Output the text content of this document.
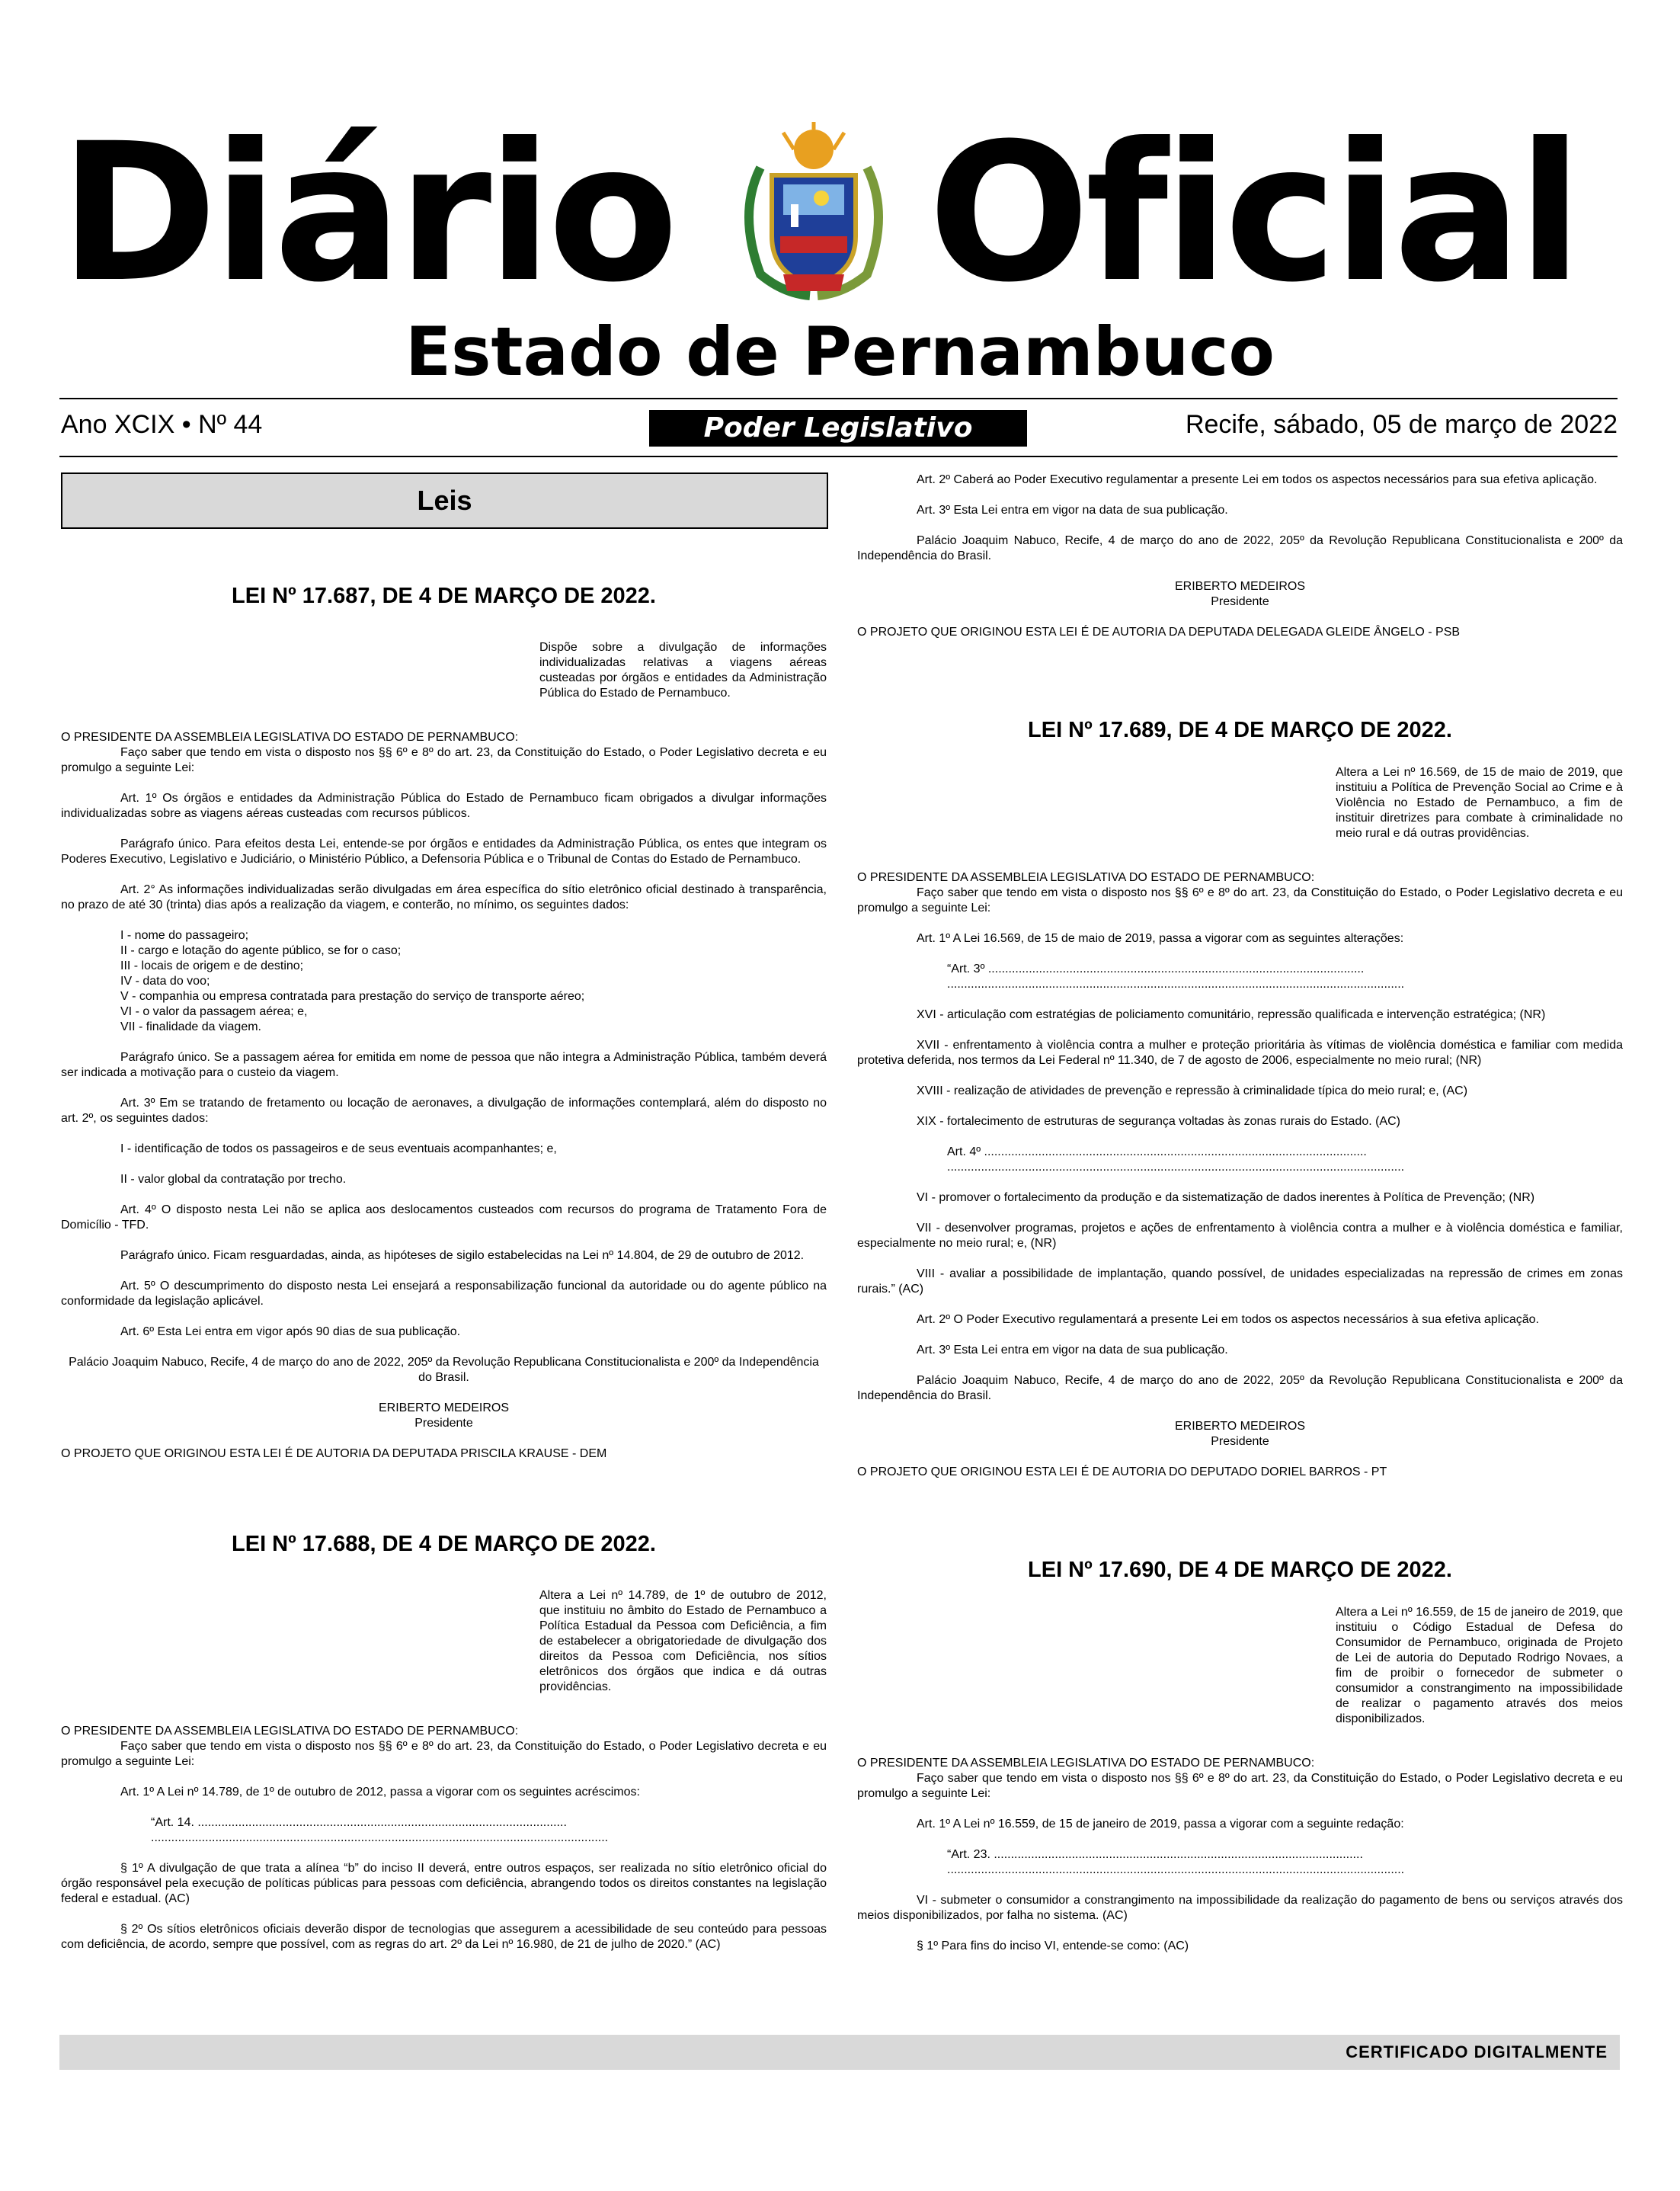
Diário Oficial
Estado de Pernambuco
Ano XCIX • Nº 44	Poder Legislativo	Recife, sábado, 05 de março de 2022
Leis
LEI Nº 17.687, DE 4 DE MARÇO DE 2022.
Dispõe sobre a divulgação de informações individualizadas relativas a viagens aéreas custeadas por órgãos e entidades da Administração Pública do Estado de Pernambuco.

O PRESIDENTE DA ASSEMBLEIA LEGISLATIVA DO ESTADO DE PERNAMBUCO:

Faço saber que tendo em vista o disposto nos §§ 6º e 8º do art. 23, da Constituição do Estado, o Poder Legislativo decreta e eu promulgo a seguinte Lei:

Art. 1º Os órgãos e entidades da Administração Pública do Estado de Pernambuco ficam obrigados a divulgar informações individualizadas sobre as viagens aéreas custeadas com recursos públicos.

Parágrafo único. Para efeitos desta Lei, entende-se por órgãos e entidades da Administração Pública, os entes que integram os Poderes Executivo, Legislativo e Judiciário, o Ministério Público, a Defensoria Pública e o Tribunal de Contas do Estado de Pernambuco.

Art. 2° As informações individualizadas serão divulgadas em área específica do sítio eletrônico oficial destinado à transparência, no prazo de até 30 (trinta) dias após a realização da viagem, e conterão, no mínimo, os seguintes dados:

I - nome do passageiro;
II - cargo e lotação do agente público, se for o caso;
III - locais de origem e de destino;
IV - data do voo;
V - companhia ou empresa contratada para prestação do serviço de transporte aéreo;
VI - o valor da passagem aérea; e,
VII - finalidade da viagem.

Parágrafo único. Se a passagem aérea for emitida em nome de pessoa que não integra a Administração Pública, também deverá ser indicada a motivação para o custeio da viagem.

Art. 3º Em se tratando de fretamento ou locação de aeronaves, a divulgação de informações contemplará, além do disposto no art. 2º, os seguintes dados:

I - identificação de todos os passageiros e de seus eventuais acompanhantes; e,

II - valor global da contratação por trecho.

Art. 4º O disposto nesta Lei não se aplica aos deslocamentos custeados com recursos do programa de Tratamento Fora de Domicílio - TFD.

Parágrafo único. Ficam resguardadas, ainda, as hipóteses de sigilo estabelecidas na Lei nº 14.804, de 29 de outubro de 2012.

Art. 5º O descumprimento do disposto nesta Lei ensejará a responsabilização funcional da autoridade ou do agente público na conformidade da legislação aplicável.

Art. 6º Esta Lei entra em vigor após 90 dias de sua publicação.

Palácio Joaquim Nabuco, Recife, 4 de março do ano de 2022, 205º da Revolução Republicana Constitucionalista e 200º da Independência do Brasil.

ERIBERTO MEDEIROS

Presidente

O PROJETO QUE ORIGINOU ESTA LEI É DE AUTORIA DA DEPUTADA PRISCILA KRAUSE - DEM

LEI Nº 17.688, DE 4 DE MARÇO DE 2022.
Altera a Lei nº 14.789, de 1º de outubro de 2012, que instituiu no âmbito do Estado de Pernambuco a Política Estadual da Pessoa com Deficiência, a fim de estabelecer a obrigatoriedade de divulgação dos direitos da Pessoa com Deficiência, nos sítios eletrônicos dos órgãos que indica e dá outras providências.

O PRESIDENTE DA ASSEMBLEIA LEGISLATIVA DO ESTADO DE PERNAMBUCO:

Faço saber que tendo em vista o disposto nos §§ 6º e 8º do art. 23, da Constituição do Estado, o Poder Legislativo decreta e eu promulgo a seguinte Lei:

Art. 1º A Lei nº 14.789, de 1º de outubro de 2012, passa a vigorar com os seguintes acréscimos:

“Art. 14. .............................................................................................................
.......................................................................................................................................

§ 1º A divulgação de que trata a alínea “b” do inciso II deverá, entre outros espaços, ser realizada no sítio eletrônico oficial do órgão responsável pela execução de políticas públicas para pessoas com deficiência, abrangendo todos os direitos constantes na legislação federal e estadual. (AC)

§ 2º Os sítios eletrônicos oficiais deverão dispor de tecnologias que assegurem a acessibilidade de seu conteúdo para pessoas com deficiência, de acordo, sempre que possível, com as regras do art. 2º da Lei nº 16.980, de 21 de julho de 2020.” (AC)

Art. 2º Caberá ao Poder Executivo regulamentar a presente Lei em todos os aspectos necessários para sua efetiva aplicação.

Art. 3º Esta Lei entra em vigor na data de sua publicação.

Palácio Joaquim Nabuco, Recife, 4 de março do ano de 2022, 205º da Revolução Republicana Constitucionalista e 200º da Independência do Brasil.

ERIBERTO MEDEIROS

Presidente

O PROJETO QUE ORIGINOU ESTA LEI É DE AUTORIA DA DEPUTADA DELEGADA GLEIDE ÂNGELO - PSB

LEI Nº 17.689, DE 4 DE MARÇO DE 2022.
Altera a Lei nº 16.569, de 15 de maio de 2019, que instituiu a Política de Prevenção Social ao Crime e à Violência no Estado de Pernambuco, a fim de instituir diretrizes para combate à criminalidade no meio rural e dá outras providências.

O PRESIDENTE DA ASSEMBLEIA LEGISLATIVA DO ESTADO DE PERNAMBUCO:

Faço saber que tendo em vista o disposto nos §§ 6º e 8º do art. 23, da Constituição do Estado, o Poder Legislativo decreta e eu promulgo a seguinte Lei:

Art. 1º A Lei 16.569, de 15 de maio de 2019, passa a vigorar com as seguintes alterações:

“Art. 3º ...............................................................................................................
.......................................................................................................................................

XVI - articulação com estratégias de policiamento comunitário, repressão qualificada e intervenção estratégica; (NR)

XVII - enfrentamento à violência contra a mulher e proteção prioritária às vítimas de violência doméstica e familiar com medida protetiva deferida, nos termos da Lei Federal nº 11.340, de 7 de agosto de 2006, especialmente no meio rural; (NR)

XVIII - realização de atividades de prevenção e repressão à criminalidade típica do meio rural; e, (AC)

XIX - fortalecimento de estruturas de segurança voltadas às zonas rurais do Estado. (AC)

Art. 4º .................................................................................................................
.......................................................................................................................................

VI - promover o fortalecimento da produção e da sistematização de dados inerentes à Política de Prevenção; (NR)

VII - desenvolver programas, projetos e ações de enfrentamento à violência contra a mulher e à violência doméstica e familiar, especialmente no meio rural; e, (NR)

VIII - avaliar a possibilidade de implantação, quando possível, de unidades especializadas na repressão de crimes em zonas rurais.” (AC)

Art. 2º O Poder Executivo regulamentará a presente Lei em todos os aspectos necessários à sua efetiva aplicação.

Art. 3º Esta Lei entra em vigor na data de sua publicação.

Palácio Joaquim Nabuco, Recife, 4 de março do ano de 2022, 205º da Revolução Republicana Constitucionalista e 200º da Independência do Brasil.

ERIBERTO MEDEIROS

Presidente

O PROJETO QUE ORIGINOU ESTA LEI É DE AUTORIA DO DEPUTADO DORIEL BARROS - PT

LEI Nº 17.690, DE 4 DE MARÇO DE 2022.
Altera a Lei nº 16.559, de 15 de janeiro de 2019, que instituiu o Código Estadual de Defesa do Consumidor de Pernambuco, originada de Projeto de Lei de autoria do Deputado Rodrigo Novaes, a fim de proibir o fornecedor de submeter o consumidor a constrangimento na impossibilidade de realizar o pagamento através dos meios disponibilizados.

O PRESIDENTE DA ASSEMBLEIA LEGISLATIVA DO ESTADO DE PERNAMBUCO:

Faço saber que tendo em vista o disposto nos §§ 6º e 8º do art. 23, da Constituição do Estado, o Poder Legislativo decreta e eu promulgo a seguinte Lei:

Art. 1º A Lei nº 16.559, de 15 de janeiro de 2019, passa a vigorar com a seguinte redação:

“Art. 23. .............................................................................................................
.......................................................................................................................................

VI - submeter o consumidor a constrangimento na impossibilidade da realização do pagamento de bens ou serviços através dos meios disponibilizados, por falha no sistema. (AC)

§ 1º Para fins do inciso VI, entende-se como: (AC)

CERTIFICADO DIGITALMENTE
